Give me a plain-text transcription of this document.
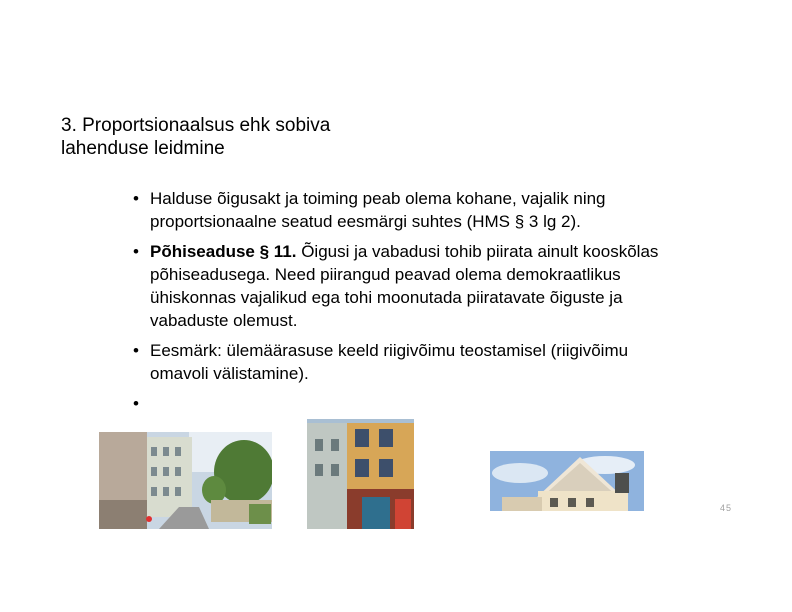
3. Proportsionaalsus ehk sobiva
lahenduse leidmine
• Halduse õigusakt ja toiming peab olema kohane, vajalik ning proportsionaalne seatud eesmärgi suhtes (HMS § 3 lg 2).
• Põhiseaduse § 11. Õigusi ja vabadusi tohib piirata ainult kooskõlas põhiseadusega. Need piirangud peavad olema demokraatlikus ühiskonnas vajalikud ega tohi moonutada piiratavate õiguste ja vabaduste olemust.
• Eesmärk: ülemäärasuse keeld riigivõimu teostamisel (riigivõimu omavoli välistamine).
•
45
